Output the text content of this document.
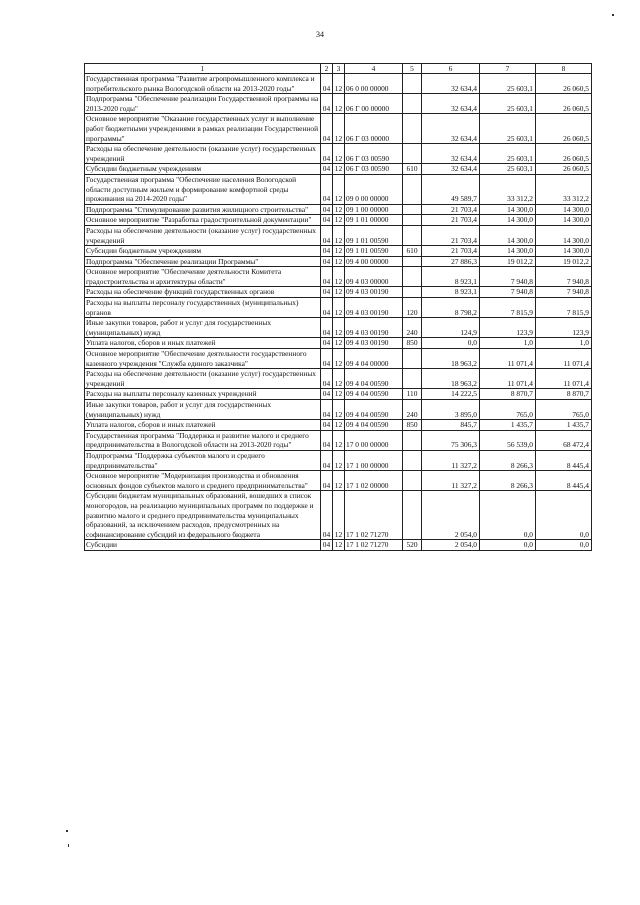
34
1	2	3	4	5	6	7	8
Государственная программа "Развитие агропромышленного комплекса и потребительского рынка Вологодской области на 2013-2020 годы"	04	12	06 0 00 00000		32 634,4	25 603,1	26 060,5
Подпрограмма "Обеспечение реализации Государственной программы на 2013-2020 годы"	04	12	06 Г 00 00000		32 634,4	25 603,1	26 060,5
Основное мероприятие "Оказание государственных услуг и выполнение работ бюджетными учреждениями в рамках реализации Государственной программы"	04	12	06 Г 03 00000		32 634,4	25 603,1	26 060,5
Расходы на обеспечение деятельности (оказание услуг) государственных учреждений	04	12	06 Г 03 00590		32 634,4	25 603,1	26 060,5
Субсидии бюджетным учреждениям	04	12	06 Г 03 00590	610	32 634,4	25 603,1	26 060,5
Государственная программа "Обеспечение населения Вологодской области доступным жильем и формирование комфортной среды проживания на 2014-2020 годы"	04	12	09 0 00 00000		49 589,7	33 312,2	33 312,2
Подпрограмма "Стимулирование развития жилищного строительства"	04	12	09 1 00 00000		21 703,4	14 300,0	14 300,0
Основное мероприятие "Разработка градостроительной документации"	04	12	09 1 01 00000		21 703,4	14 300,0	14 300,0
Расходы на обеспечение деятельности (оказание услуг) государственных учреждений	04	12	09 1 01 00590		21 703,4	14 300,0	14 300,0
Субсидии бюджетным учреждениям	04	12	09 1 01 00590	610	21 703,4	14 300,0	14 300,0
Подпрограмма "Обеспечение реализации Программы"	04	12	09 4 00 00000		27 886,3	19 012,2	19 012,2
Основное мероприятие "Обеспечение деятельности Комитета градостроительства и архитектуры области"	04	12	09 4 03 00000		8 923,1	7 940,8	7 940,8
Расходы на обеспечение функций государственных органов	04	12	09 4 03 00190		8 923,1	7 940,8	7 940,8
Расходы на выплаты персоналу государственных (муниципальных) органов	04	12	09 4 03 00190	120	8 798,2	7 815,9	7 815,9
Иные закупки товаров, работ и услуг для государственных (муниципальных) нужд	04	12	09 4 03 00190	240	124,9	123,9	123,9
Уплата налогов, сборов и иных платежей	04	12	09 4 03 00190	850	0,0	1,0	1,0
Основное мероприятие "Обеспечение деятельности государственного казенного учреждения "Служба единого заказчика"	04	12	09 4 04 00000		18 963,2	11 071,4	11 071,4
Расходы на обеспечение деятельности (оказание услуг) государственных учреждений	04	12	09 4 04 00590		18 963,2	11 071,4	11 071,4
Расходы на выплаты персоналу казенных учреждений	04	12	09 4 04 00590	110	14 222,5	8 870,7	8 870,7
Иные закупки товаров, работ и услуг для государственных (муниципальных) нужд	04	12	09 4 04 00590	240	3 895,0	765,0	765,0
Уплата налогов, сборов и иных платежей	04	12	09 4 04 00590	850	845,7	1 435,7	1 435,7
Государственная программа "Поддержка и развитие малого и среднего предпринимательства в Вологодской области на 2013-2020 годы"	04	12	17 0 00 00000		75 306,3	56 539,0	68 472,4
Подпрограмма "Поддержка субъектов малого и среднего предпринимательства"	04	12	17 1 00 00000		11 327,2	8 266,3	8 445,4
Основное мероприятие "Модернизация производства и обновления основных фондов субъектов малого и среднего предпринимательства"	04	12	17 1 02 00000		11 327,2	8 266,3	8 445,4
Субсидии бюджетам муниципальных образований, вошедших в список моногородов, на реализацию муниципальных программ по поддержке и развитию малого и среднего предпринимательства муниципальных образований, за исключением расходов, предусмотренных на софинансирование субсидий из федерального бюджета	04	12	17 1 02 71270		2 054,0	0,0	0,0
Субсидии	04	12	17 1 02 71270	520	2 054,0	0,0	0,0
